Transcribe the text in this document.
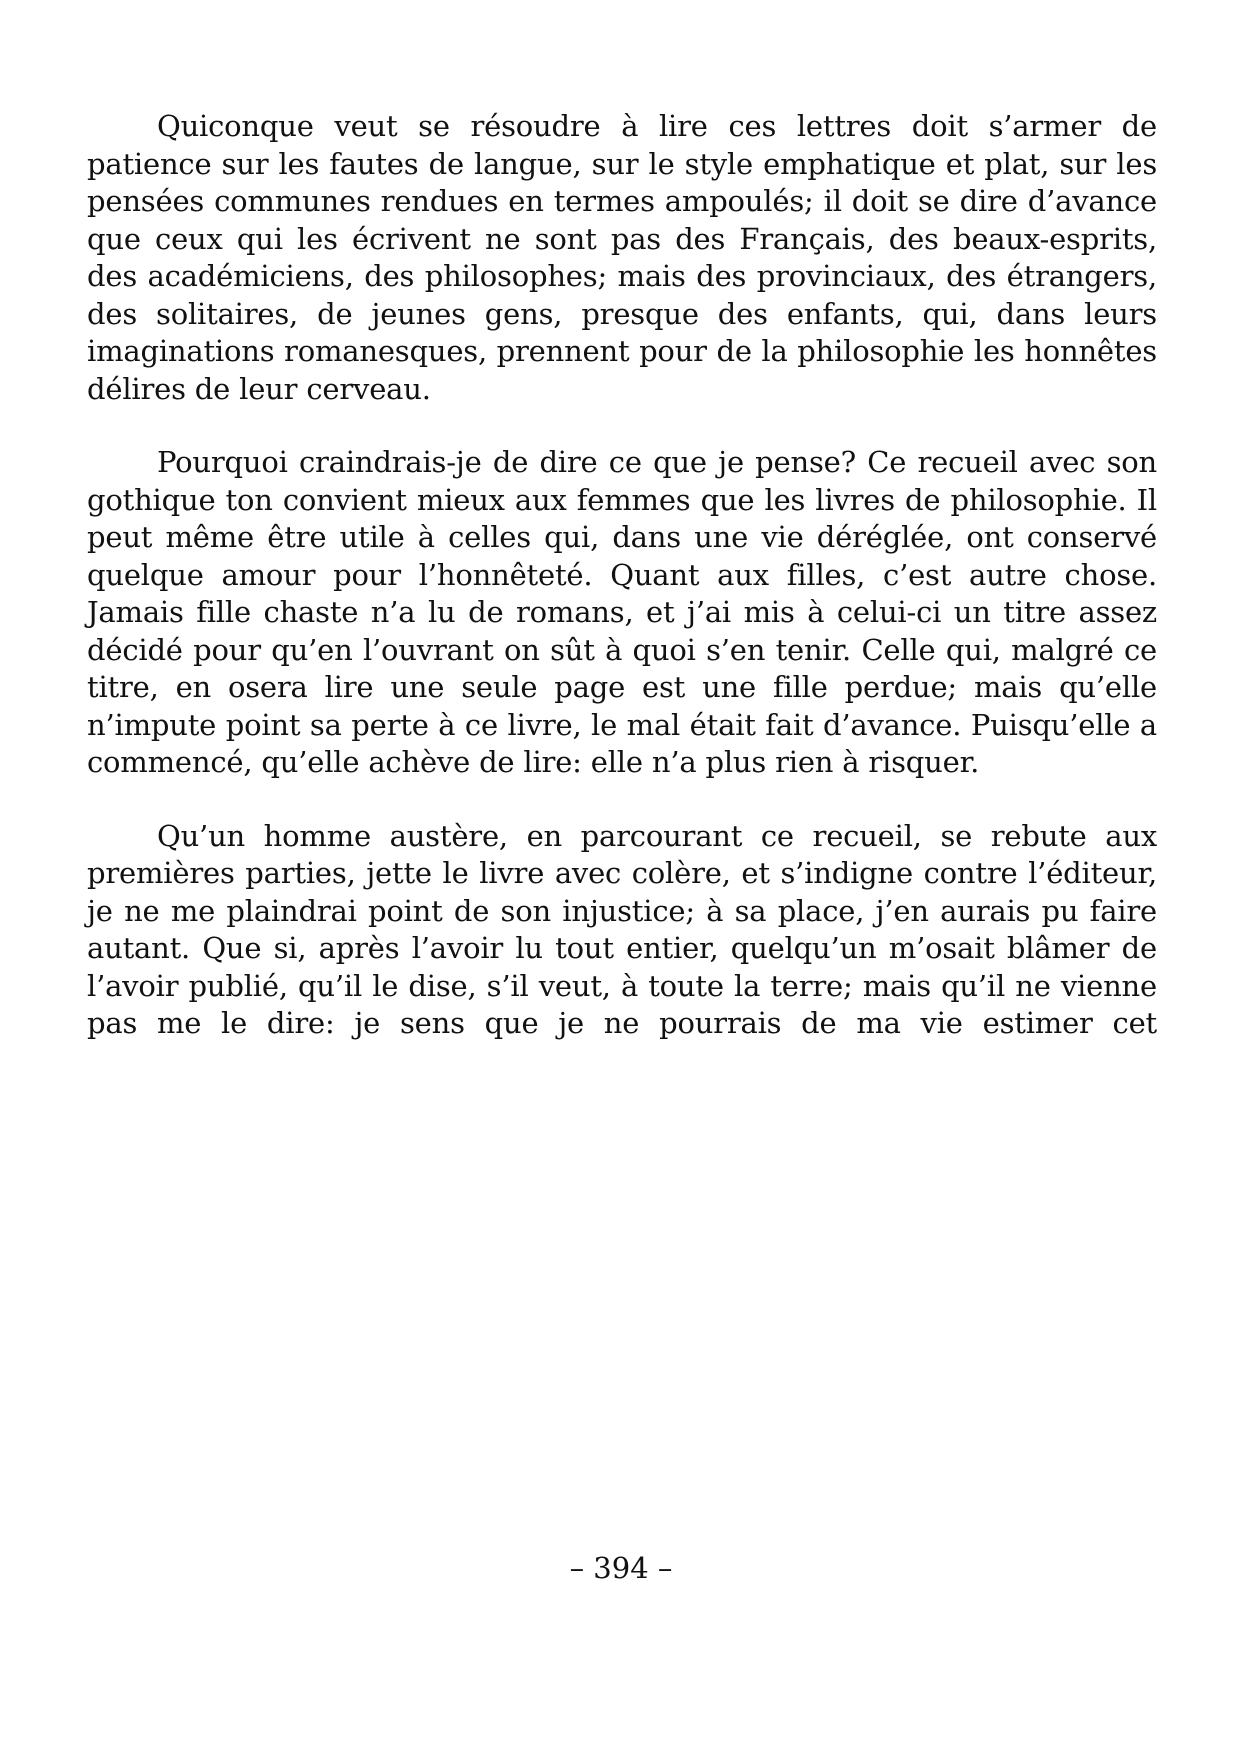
Quiconque veut se résoudre à lire ces lettres doit s’armer de patience sur les fautes de langue, sur le style emphatique et plat, sur les pensées communes rendues en termes ampoulés; il doit se dire d’avance que ceux qui les écrivent ne sont pas des Français, des beaux-esprits, des académiciens, des philosophes; mais des provinciaux, des étrangers, des solitaires, de jeunes gens, presque des enfants, qui, dans leurs imaginations romanesques, prennent pour de la philosophie les honnêtes délires de leur cerveau.

Pourquoi craindrais-je de dire ce que je pense? Ce recueil avec son gothique ton convient mieux aux femmes que les livres de philosophie. Il peut même être utile à celles qui, dans une vie déréglée, ont conservé quelque amour pour l’honnêteté. Quant aux filles, c’est autre chose. Jamais fille chaste n’a lu de romans, et j’ai mis à celui-ci un titre assez décidé pour qu’en l’ouvrant on sût à quoi s’en tenir. Celle qui, malgré ce titre, en osera lire une seule page est une fille perdue; mais qu’elle n’impute point sa perte à ce livre, le mal était fait d’avance. Puisqu’elle a commencé, qu’elle achève de lire: elle n’a plus rien à risquer.

Qu’un homme austère, en parcourant ce recueil, se rebute aux premières parties, jette le livre avec colère, et s’indigne contre l’éditeur, je ne me plaindrai point de son injustice; à sa place, j’en aurais pu faire autant. Que si, après l’avoir lu tout entier, quelqu’un m’osait blâmer de l’avoir publié, qu’il le dise, s’il veut, à toute la terre; mais qu’il ne vienne pas me le dire: je sens que je ne pourrais de ma vie estimer cet

– 394 –
